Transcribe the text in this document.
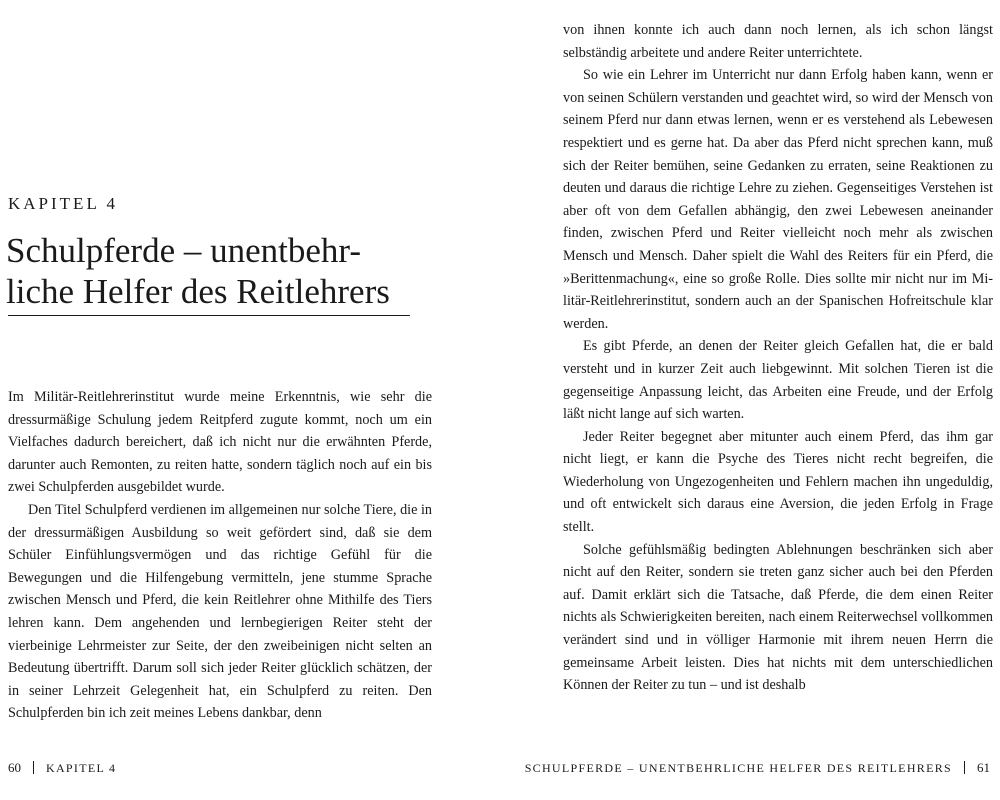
KAPITEL 4
Schulpferde – unentbehr-
liche Helfer des Reitlehrers

Im Militär-Reitlehrerinstitut wurde meine Erkenntnis, wie sehr die dressurmäßige Schulung jedem Reitpferd zugute kommt, noch um ein Vielfaches dadurch bereichert, daß ich nicht nur die erwähnten Pferde, darunter auch Remonten, zu reiten hatte, sondern täglich noch auf ein bis zwei Schulpferden ausgebildet wurde.

Den Titel Schulpferd verdienen im allgemeinen nur solche Tiere, die in der dressurmäßigen Ausbildung so weit gefördert sind, daß sie dem Schüler Einfühlungsvermögen und das richtige Gefühl für die Bewegungen und die Hilfengebung vermitteln, jene stumme Sprache zwischen Mensch und Pferd, die kein Reitlehrer ohne Mithilfe des Tiers lehren kann. Dem angehenden und lernbegierigen Reiter steht der vierbeinige Lehrmeister zur Seite, der den zweibeinigen nicht selten an Bedeutung übertrifft. Darum soll sich jeder Reiter glücklich schätzen, der in seiner Lehrzeit Gelegenheit hat, ein Schulpferd zu reiten. Den Schulpferden bin ich zeit meines Lebens dankbar, denn

60 KAPITEL 4

von ihnen konnte ich auch dann noch lernen, als ich schon längst selbständig arbeitete und andere Reiter unterrichtete.

So wie ein Lehrer im Unterricht nur dann Erfolg haben kann, wenn er von seinen Schülern verstanden und geachtet wird, so wird der Mensch von seinem Pferd nur dann etwas lernen, wenn er es verstehend als Lebewesen respektiert und es gerne hat. Da aber das Pferd nicht sprechen kann, muß sich der Reiter bemühen, seine Gedanken zu erraten, seine Reaktionen zu deuten und daraus die richtige Lehre zu ziehen. Gegenseitiges Verstehen ist aber oft von dem Gefallen abhängig, den zwei Lebewesen aneinander finden, zwischen Pferd und Reiter vielleicht noch mehr als zwischen Mensch und Mensch. Daher spielt die Wahl des Reiters für ein Pferd, die »Berittenmachung«, eine so große Rolle. Dies sollte mir nicht nur im Militär-Reitlehrerinstitut, sondern auch an der Spanischen Hofreitschule klar werden.

Es gibt Pferde, an denen der Reiter gleich Gefallen hat, die er bald versteht und in kurzer Zeit auch liebgewinnt. Mit solchen Tieren ist die gegenseitige Anpassung leicht, das Arbeiten eine Freude, und der Erfolg läßt nicht lange auf sich warten.

Jeder Reiter begegnet aber mitunter auch einem Pferd, das ihm gar nicht liegt, er kann die Psyche des Tieres nicht recht begreifen, die Wiederholung von Ungezogenheiten und Fehlern machen ihn ungeduldig, und oft entwickelt sich daraus eine Aversion, die jeden Erfolg in Frage stellt.

Solche gefühlsmäßig bedingten Ablehnungen beschränken sich aber nicht auf den Reiter, sondern sie treten ganz sicher auch bei den Pferden auf. Damit erklärt sich die Tatsache, daß Pferde, die dem einen Reiter nichts als Schwierigkeiten bereiten, nach einem Reiterwechsel vollkommen verändert sind und in völliger Harmonie mit ihrem neuen Herrn die gemeinsame Arbeit leisten. Dies hat nichts mit dem unterschiedlichen Können der Reiter zu tun – und ist deshalb

SCHULPFERDE – UNENTBEHRLICHE HELFER DES REITLEHRERS 61
